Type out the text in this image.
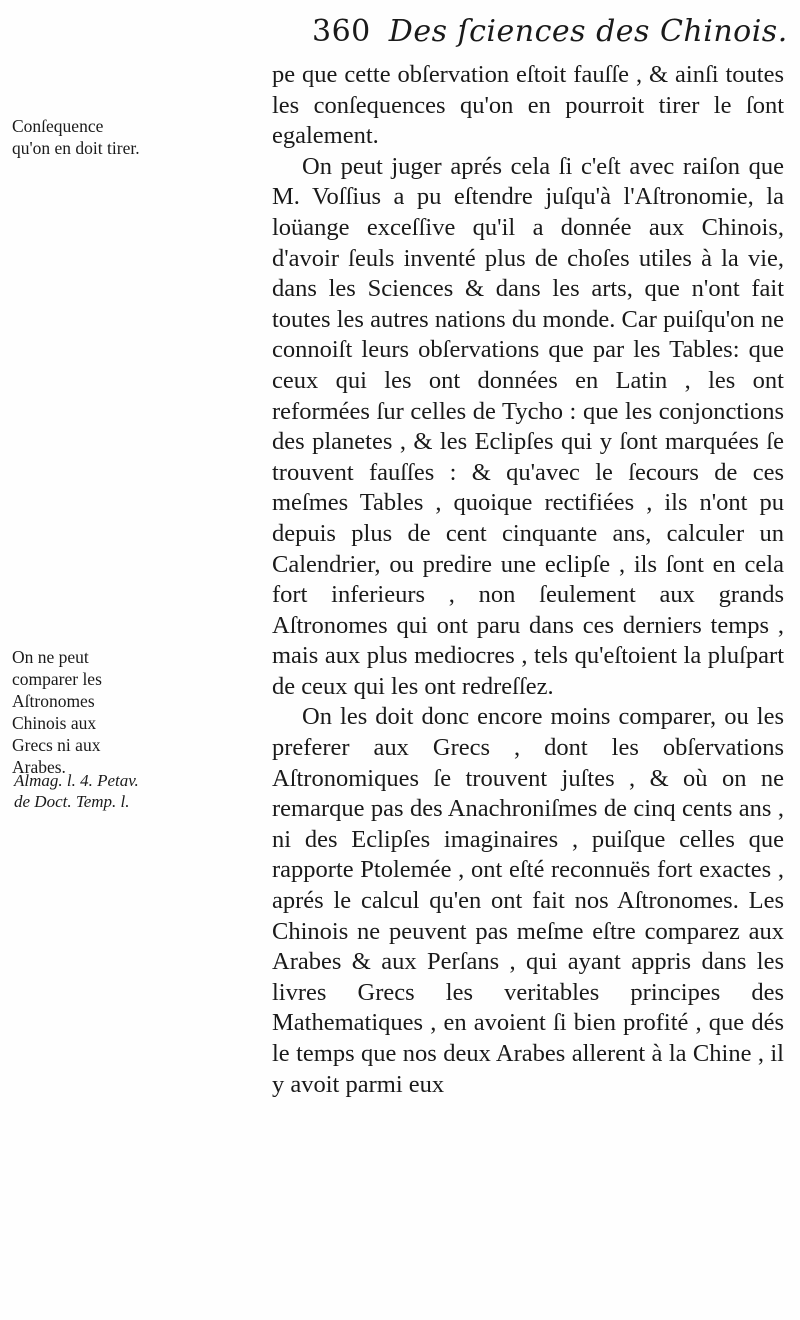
360 Des ſciences des Chinois.
Conſequence qu'on en doit tirer.
On ne peut comparer les Aſtronomes Chinois aux Grecs ni aux Arabes.
Almag. l. 4. Petav. de Doct. Temp. l.

pe que cette obſervation eſtoit fauſſe , & ainſi toutes les conſequences qu'on en pourroit tirer le ſont egalement.

On peut juger aprés cela ſi c'eſt avec raiſon que M. Voſſius a pu eſtendre juſqu'à l'Aſtronomie, la loüange exceſſive qu'il a donnée aux Chinois, d'avoir ſeuls inventé plus de choſes utiles à la vie, dans les Sciences & dans les arts, que n'ont fait toutes les autres nations du monde. Car puiſqu'on ne connoiſt leurs obſervations que par les Tables: que ceux qui les ont données en Latin , les ont reformées ſur celles de Tycho : que les conjonctions des planetes , & les Eclipſes qui y ſont marquées ſe trouvent fauſſes : & qu'avec le ſecours de ces meſmes Tables , quoique rectifiées , ils n'ont pu depuis plus de cent cinquante ans, calculer un Calendrier, ou predire une eclipſe , ils ſont en cela fort inferieurs , non ſeulement aux grands Aſtronomes qui ont paru dans ces derniers temps , mais aux plus mediocres , tels qu'eſtoient la pluſpart de ceux qui les ont redreſſez.

On les doit donc encore moins comparer, ou les preferer aux Grecs , dont les obſervations Aſtronomiques ſe trouvent juſtes , & où on ne remarque pas des Anachroniſmes de cinq cents ans , ni des Eclipſes imaginaires , puiſque celles que rapporte Ptolemée , ont eſté reconnuës fort exactes , aprés le calcul qu'en ont fait nos Aſtronomes. Les Chinois ne peuvent pas meſme eſtre comparez aux Arabes & aux Perſans , qui ayant appris dans les livres Grecs les veritables principes des Mathematiques , en avoient ſi bien profité , que dés le temps que nos deux Arabes allerent à la Chine , il y avoit parmi eux
